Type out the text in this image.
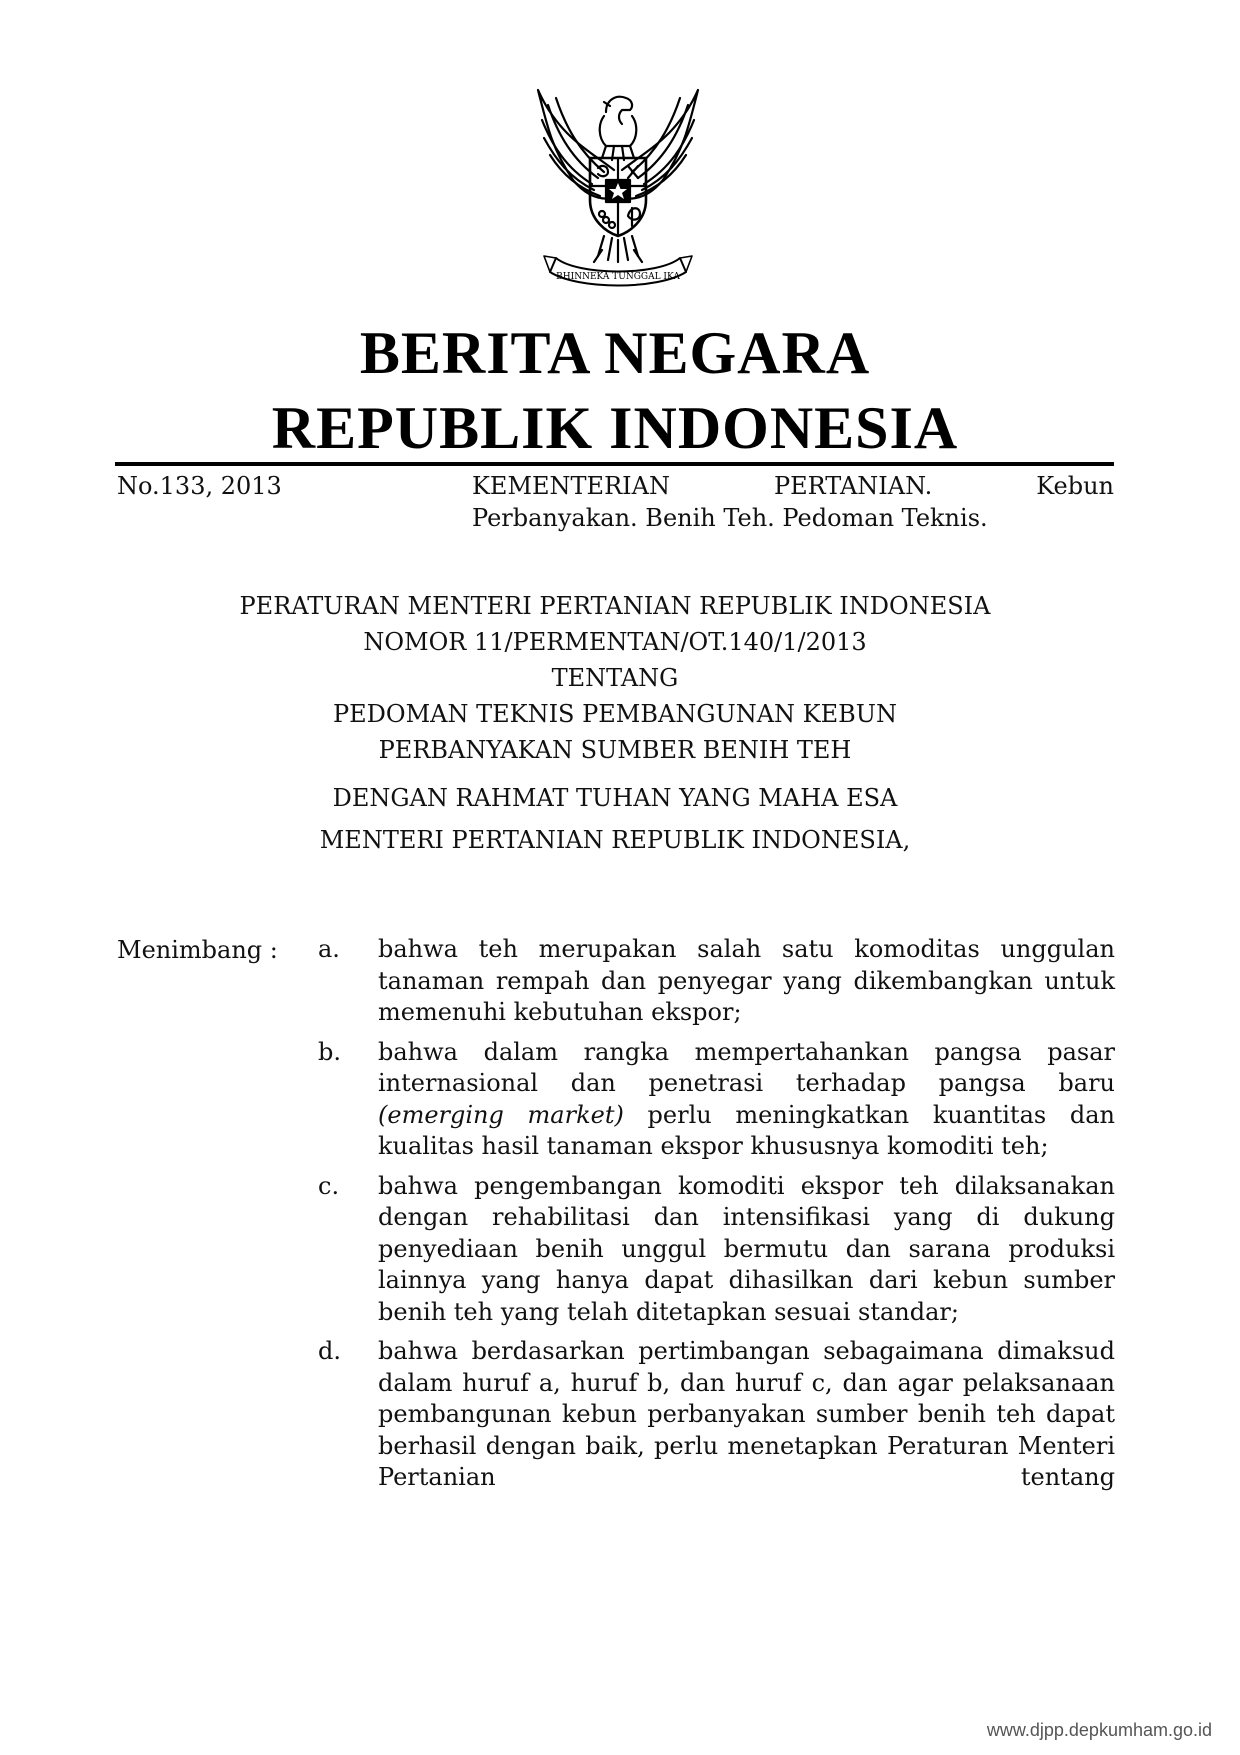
BHINNEKA TUNGGAL IKA
BERITA NEGARA
REPUBLIK INDONESIA
No.133, 2013	KEMENTERIAN PERTANIAN. Kebun
Perbanyakan. Benih Teh. Pedoman Teknis.
PERATURAN MENTERI PERTANIAN REPUBLIK INDONESIA
NOMOR 11/PERMENTAN/OT.140/1/2013
TENTANG
PEDOMAN TEKNIS PEMBANGUNAN KEBUN
PERBANYAKAN SUMBER BENIH TEH
DENGAN RAHMAT TUHAN YANG MAHA ESA
MENTERI PERTANIAN REPUBLIK INDONESIA,
Menimbang : a.	bahwa teh merupakan salah satu komoditas unggulan tanaman rempah dan penyegar yang dikembangkan untuk memenuhi kebutuhan ekspor;
b.	bahwa dalam rangka mempertahankan pangsa pasar internasional dan penetrasi terhadap pangsa baru (emerging market) perlu meningkatkan kuantitas dan kualitas hasil tanaman ekspor khususnya komoditi teh;
c.	bahwa pengembangan komoditi ekspor teh dilaksanakan dengan rehabilitasi dan intensifikasi yang di dukung penyediaan benih unggul bermutu dan sarana produksi lainnya yang hanya dapat dihasilkan dari kebun sumber benih teh yang telah ditetapkan sesuai standar;
d.	bahwa berdasarkan pertimbangan sebagaimana dimaksud dalam huruf a, huruf b, dan huruf c, dan agar pelaksanaan pembangunan kebun perbanyakan sumber benih teh dapat berhasil dengan baik, perlu menetapkan Peraturan Menteri Pertanian tentang
www.djpp.depkumham.go.id
